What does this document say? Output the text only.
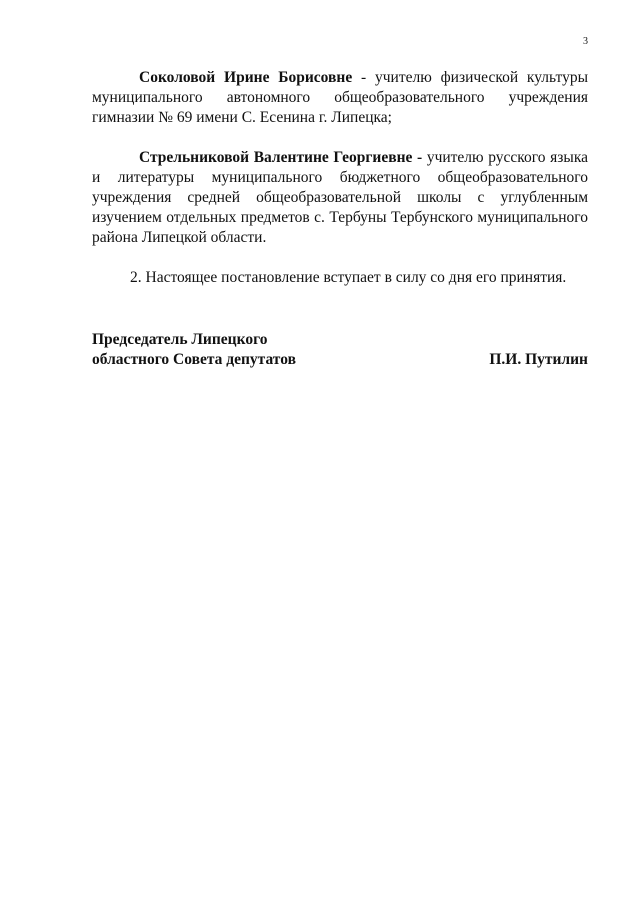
3

Соколовой Ирине Борисовне - учителю физической культуры муниципального автономного общеобразовательного учреждения гимназии № 69 имени С. Есенина г. Липецка;

Стрельниковой Валентине Георгиевне - учителю русского языка и литературы муниципального бюджетного общеобразовательного учреждения средней общеобразовательной школы с углубленным изучением отдельных предметов с. Тербуны Тербунского муниципального района Липецкой области.

2. Настоящее постановление вступает в силу со дня его принятия.

Председатель Липецкого
областного Совета депутатов	П.И. Путилин
